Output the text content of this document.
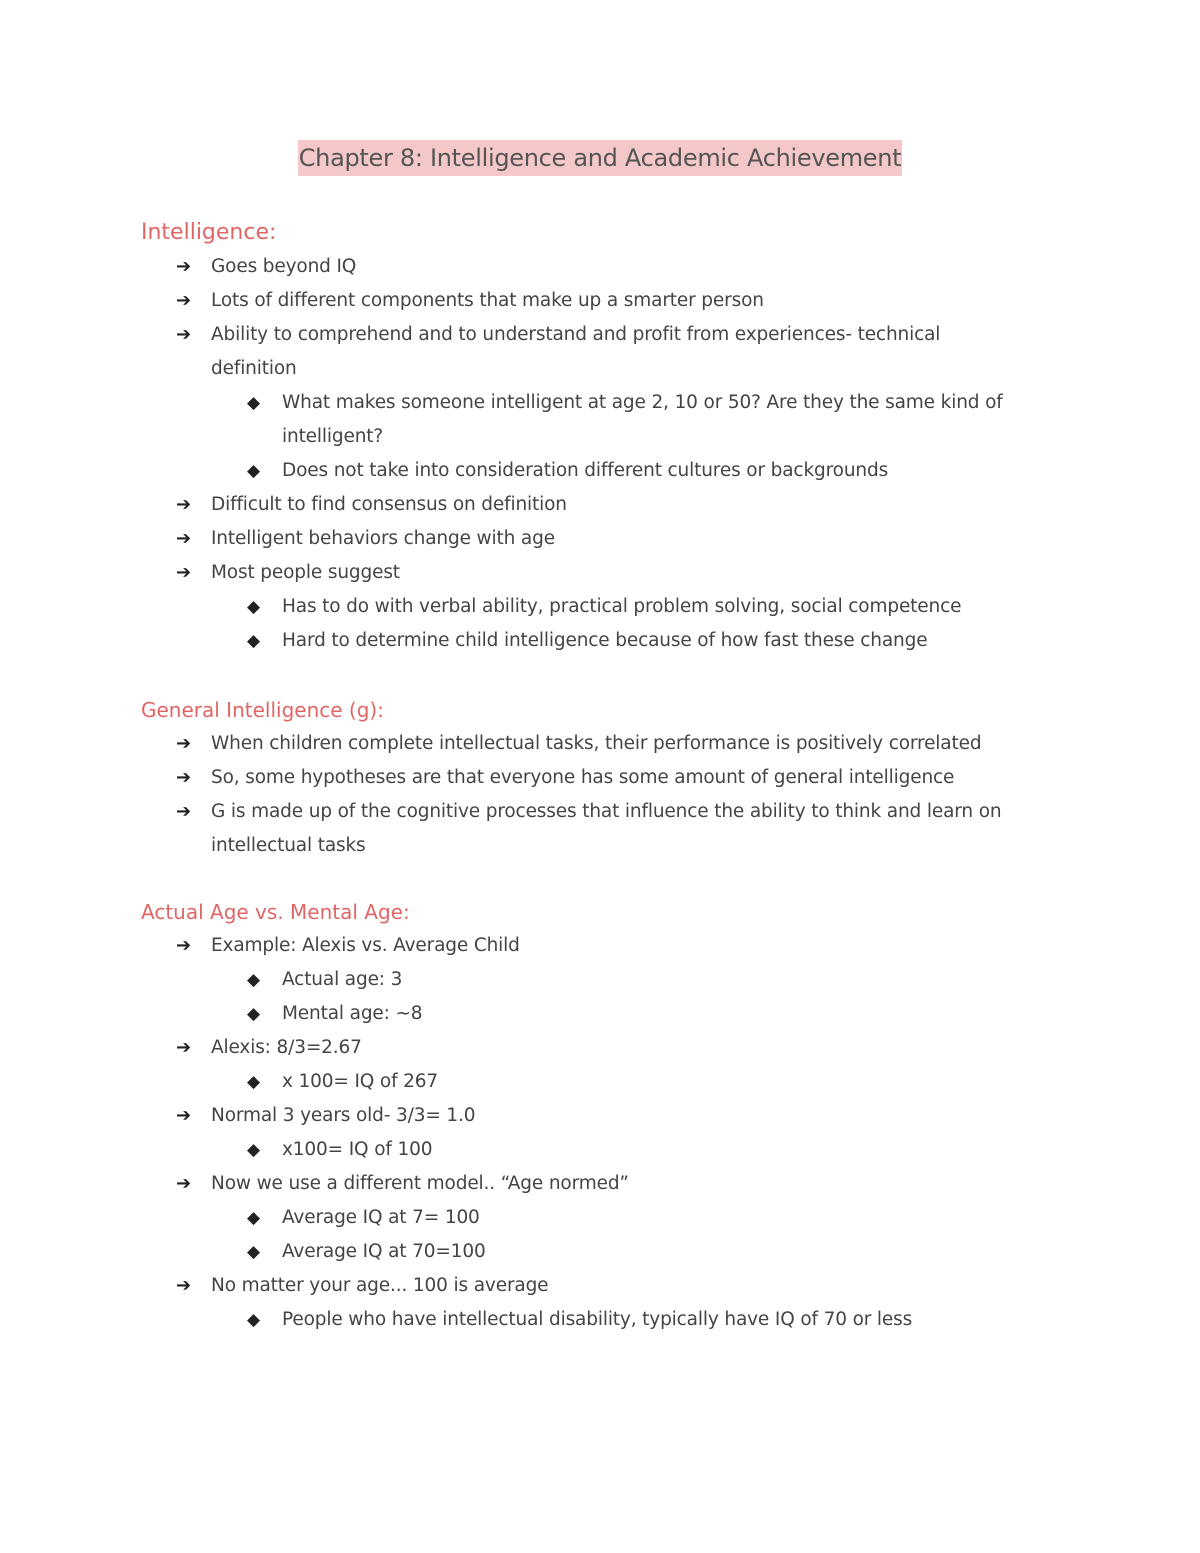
Chapter 8: Intelligence and Academic Achievement
Intelligence:
➔ Goes beyond IQ
➔ Lots of different components that make up a smarter person
➔ Ability to comprehend and to understand and profit from experiences- technical
definition
◆ What makes someone intelligent at age 2, 10 or 50? Are they the same kind of
intelligent?
◆ Does not take into consideration different cultures or backgrounds
➔ Difficult to find consensus on definition
➔ Intelligent behaviors change with age
➔ Most people suggest
◆ Has to do with verbal ability, practical problem solving, social competence
◆ Hard to determine child intelligence because of how fast these change
General Intelligence (g):
➔ When children complete intellectual tasks, their performance is positively correlated
➔ So, some hypotheses are that everyone has some amount of general intelligence
➔ G is made up of the cognitive processes that influence the ability to think and learn on
intellectual tasks
Actual Age vs. Mental Age:
➔ Example: Alexis vs. Average Child
◆ Actual age: 3
◆ Mental age: ~8
➔ Alexis: 8/3=2.67
◆ x 100= IQ of 267
➔ Normal 3 years old- 3/3= 1.0
◆ x100= IQ of 100
➔ Now we use a different model.. “Age normed”
◆ Average IQ at 7= 100
◆ Average IQ at 70=100
➔ No matter your age... 100 is average
◆ People who have intellectual disability, typically have IQ of 70 or less
